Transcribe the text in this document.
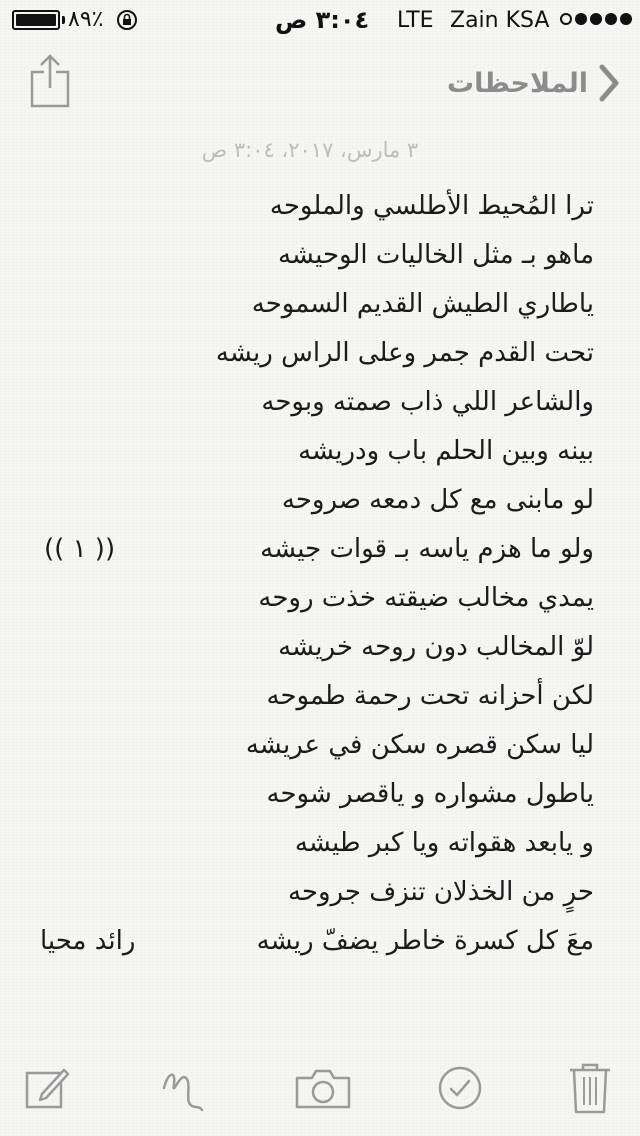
٨٩٪	٣:٠٤ ص LTE Zain KSA
الملاحظات
٣ مارس، ٢٠١٧، ٣:٠٤ ص
ترا المُحيط الأطلسي والملوحه
ماهو بـ مثل الخاليات الوحيشه
ياطاري الطيش القديم السموحه
تحت القدم جمر وعلى الراس ريشه
والشاعر اللي ذاب صمته وبوحه
بينه وبين الحلم باب ودريشه
لو مابنى مع كل دمعه صروحه
ولو ما هزم ياسه بـ قوات جيشه
(( ١ ))
يمدي مخالب ضيقته خذت روحه
لوّ المخالب دون روحه خريشه
لكن أحزانه تحت رحمة طموحه
ليا سكن قصره سكن في عريشه
ياطول مشواره و ياقصر شوحه
و يابعد هقواته ويا كبر طيشه
حرٍ من الخذلان تنزف جروحه
معَ كل كسرة خاطر يضفّ ريشه
رائد محيا
